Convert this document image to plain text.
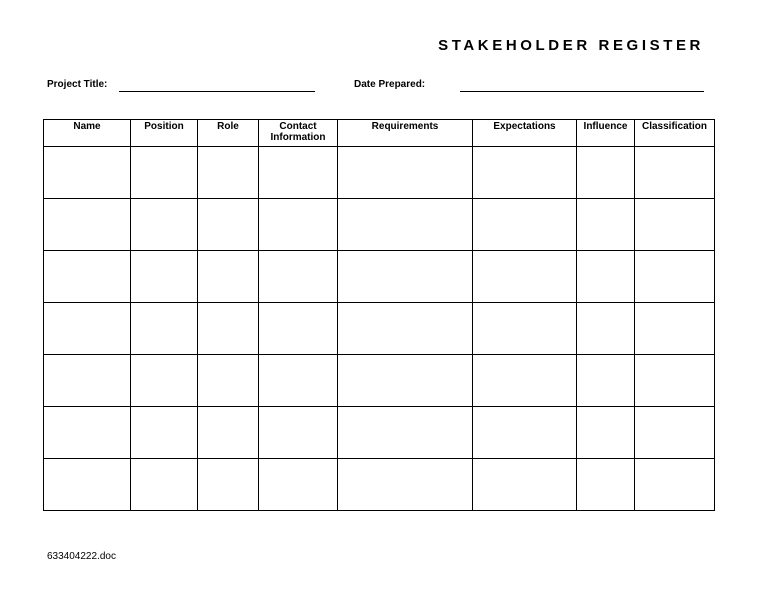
STAKEHOLDER REGISTER
Project Title:	Date Prepared:
Name	Position	Role	Contact Information	Requirements	Expectations	Influence	Classification

633404222.doc
